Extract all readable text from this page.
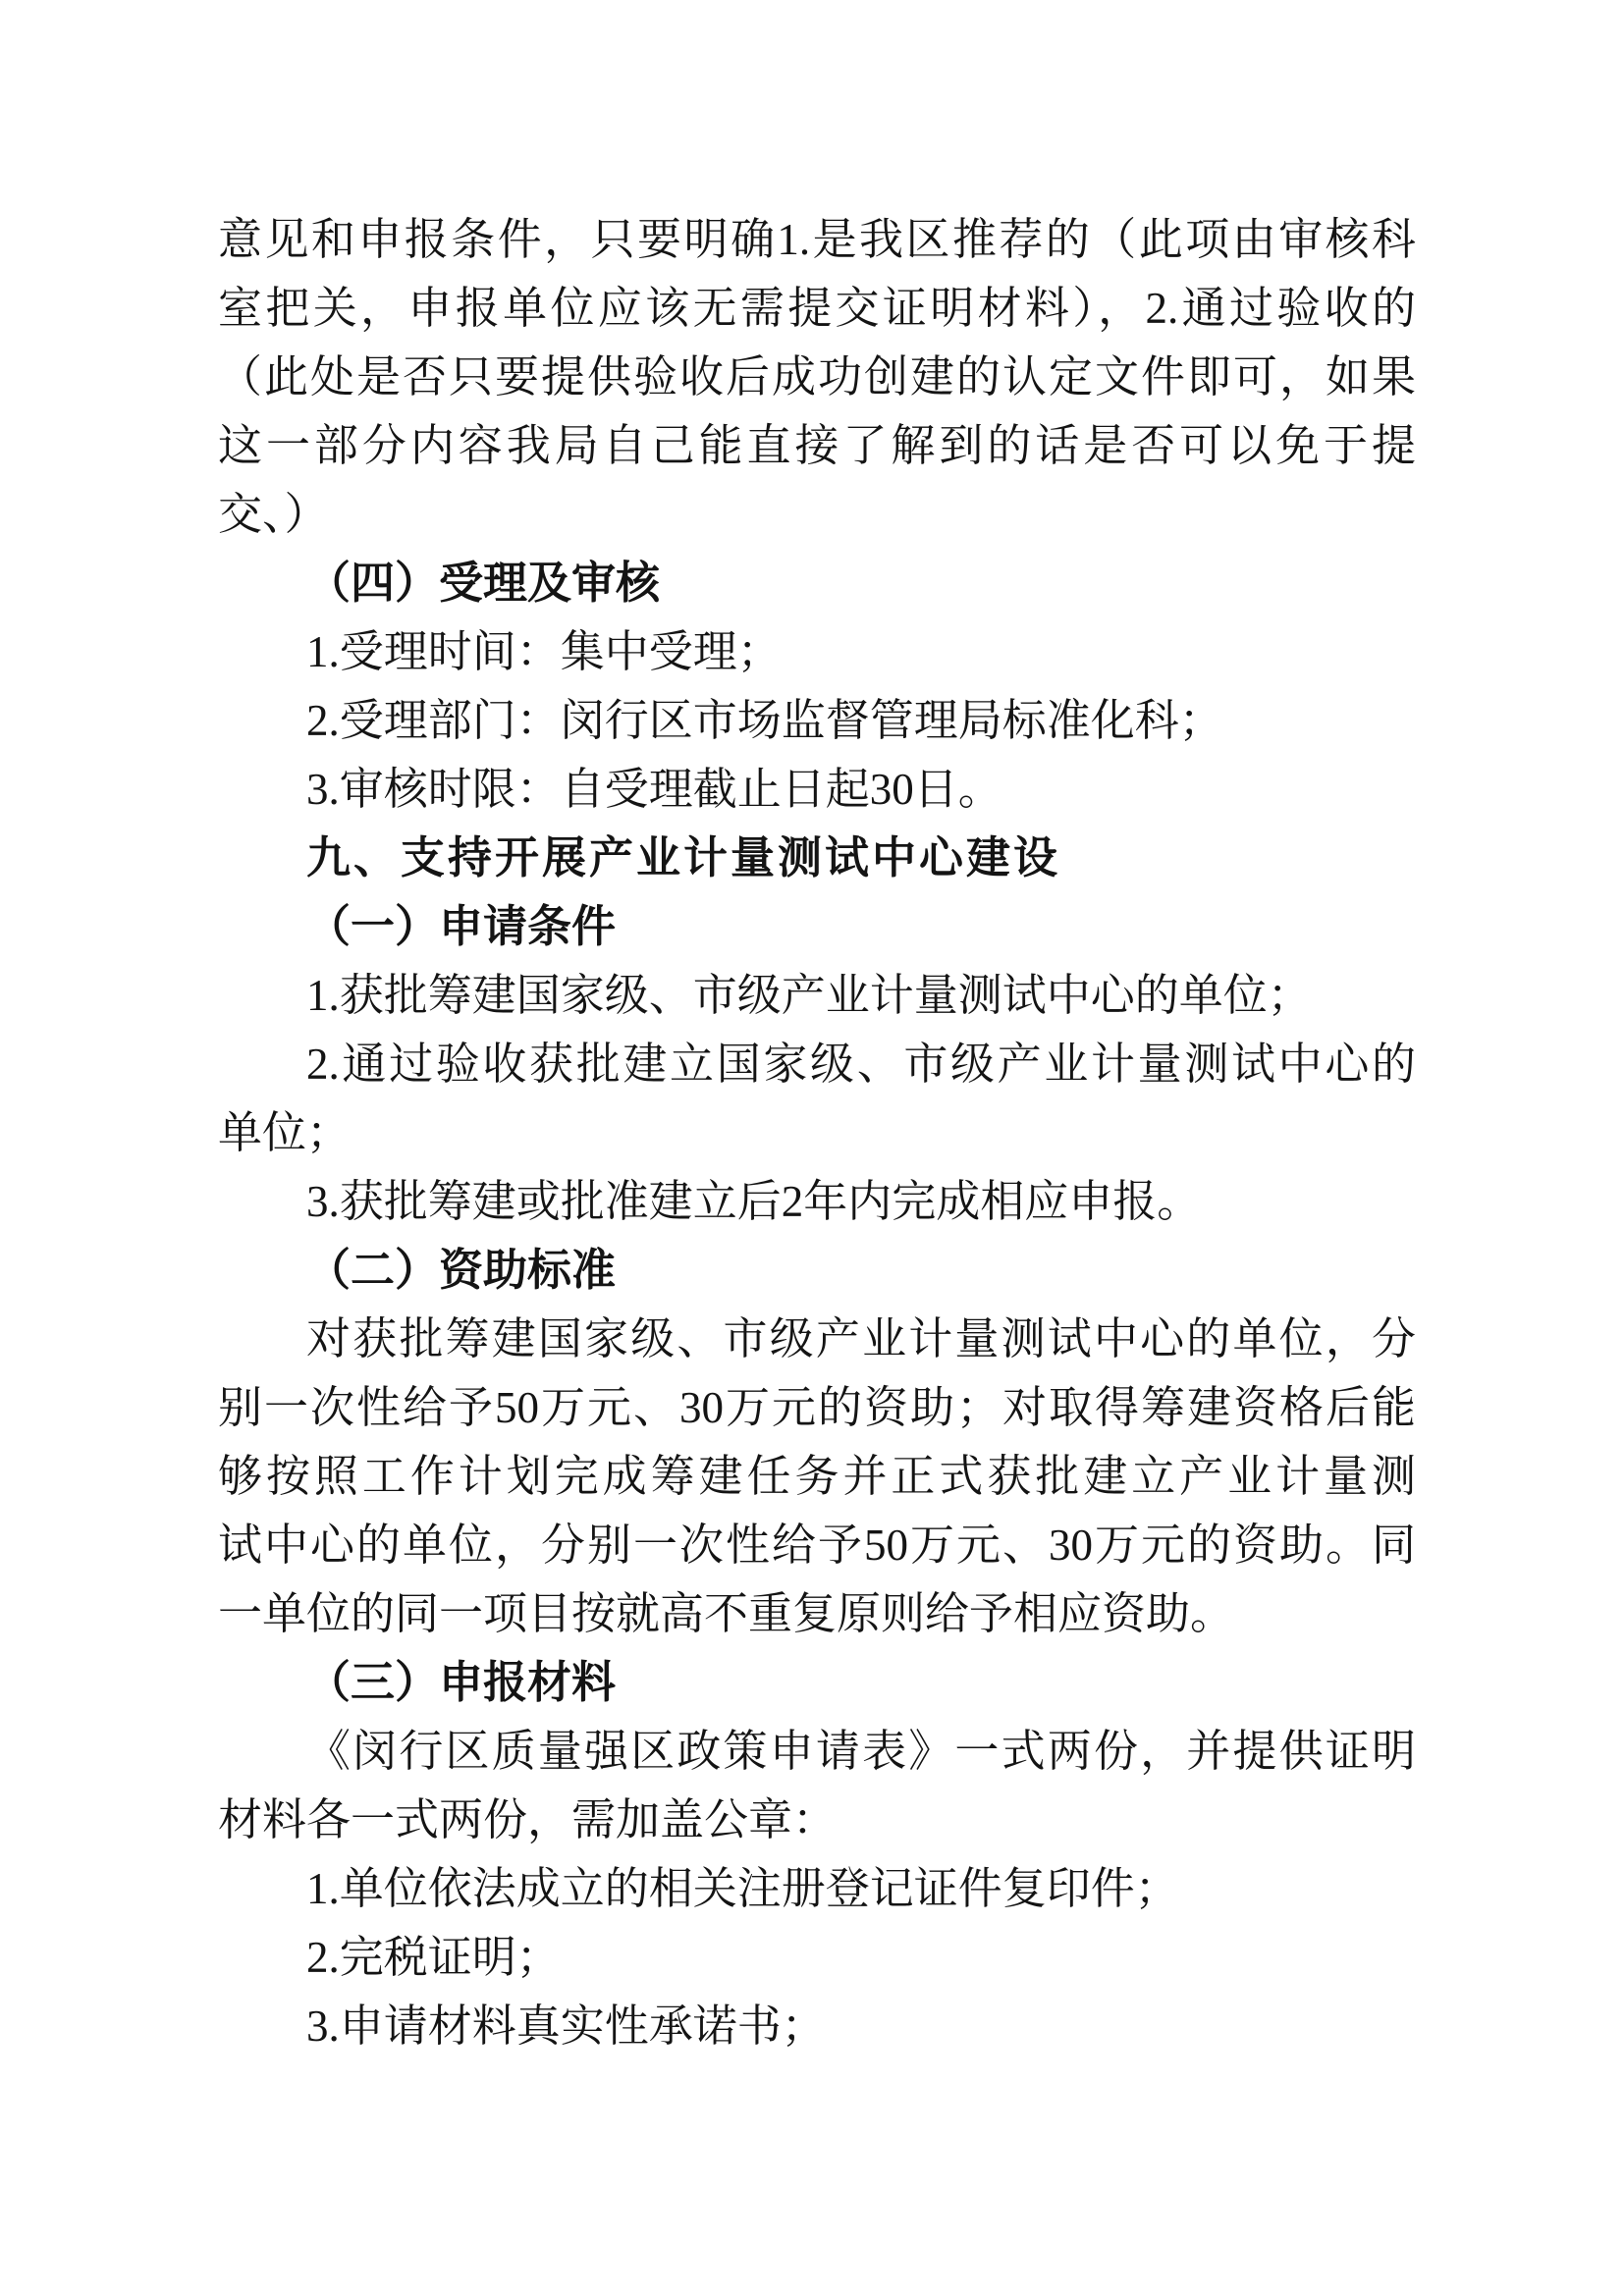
意见和申报条件，只要明确1.是我区推荐的（此项由审核科
室把关，申报单位应该无需提交证明材料），2.通过验收的
（此处是否只要提供验收后成功创建的认定文件即可，如果
这一部分内容我局自己能直接了解到的话是否可以免于提
交、）
（四）受理及审核
1.受理时间：集中受理；
2.受理部门：闵行区市场监督管理局标准化科；
3.审核时限：自受理截止日起30日。
九、支持开展产业计量测试中心建设
（一）申请条件
1.获批筹建国家级、市级产业计量测试中心的单位；
2.通过验收获批建立国家级、市级产业计量测试中心的
单位；
3.获批筹建或批准建立后2年内完成相应申报。
（二）资助标准
对获批筹建国家级、市级产业计量测试中心的单位，分
别一次性给予50万元、30万元的资助；对取得筹建资格后能
够按照工作计划完成筹建任务并正式获批建立产业计量测
试中心的单位，分别一次性给予50万元、30万元的资助。同
一单位的同一项目按就高不重复原则给予相应资助。
（三）申报材料
《闵行区质量强区政策申请表》一式两份，并提供证明
材料各一式两份，需加盖公章：
1.单位依法成立的相关注册登记证件复印件；
2.完税证明；
3.申请材料真实性承诺书；
